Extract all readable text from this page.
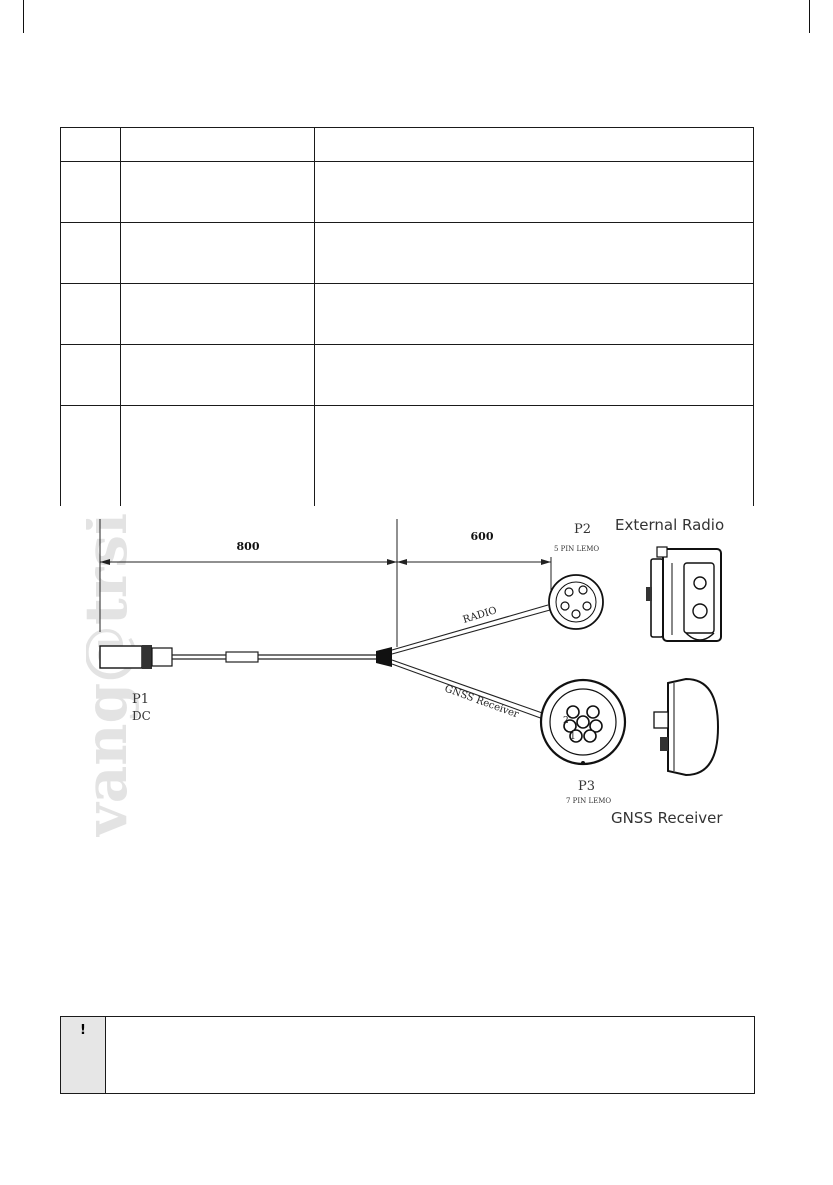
800
600
RADIO
GNSS Receiver
P1
DC
P2
5 PIN LEMO
2
1
P3
7 PIN LEMO
External Radio
GNSS Receiver
!
